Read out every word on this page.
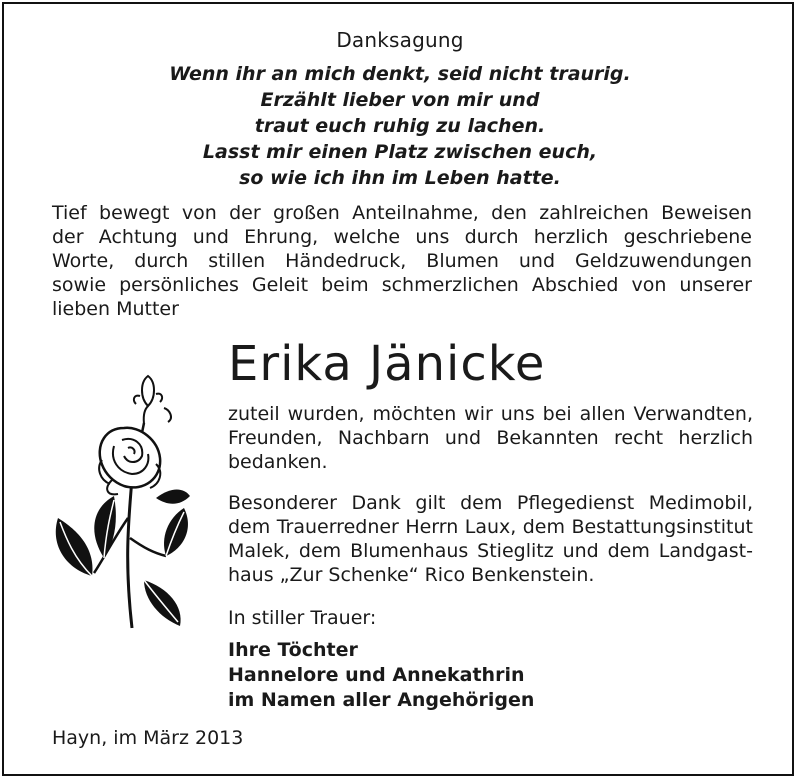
Danksagung
Wenn ihr an mich denkt, seid nicht traurig.
Erzählt lieber von mir und
traut euch ruhig zu lachen.
Lasst mir einen Platz zwischen euch,
so wie ich ihn im Leben hatte.
Tief bewegt von der großen Anteilnahme, den zahlreichen Beweisen
der Achtung und Ehrung, welche uns durch herzlich geschriebene
Worte, durch stillen Händedruck, Blumen und Geldzuwendungen
sowie persönliches Geleit beim schmerzlichen Abschied von unserer
lieben Mutter
Erika Jänicke
zuteil wurden, möchten wir uns bei allen Verwandten,
Freunden, Nachbarn und Bekannten recht herzlich
bedanken.
Besonderer Dank gilt dem Pflegedienst Medimobil,
dem Trauerredner Herrn Laux, dem Bestattungsinstitut
Malek, dem Blumenhaus Stieglitz und dem Landgast-
haus „Zur Schenke“ Rico Benkenstein.
In stiller Trauer:
Ihre Töchter
Hannelore und Annekathrin
im Namen aller Angehörigen
Hayn, im März 2013
